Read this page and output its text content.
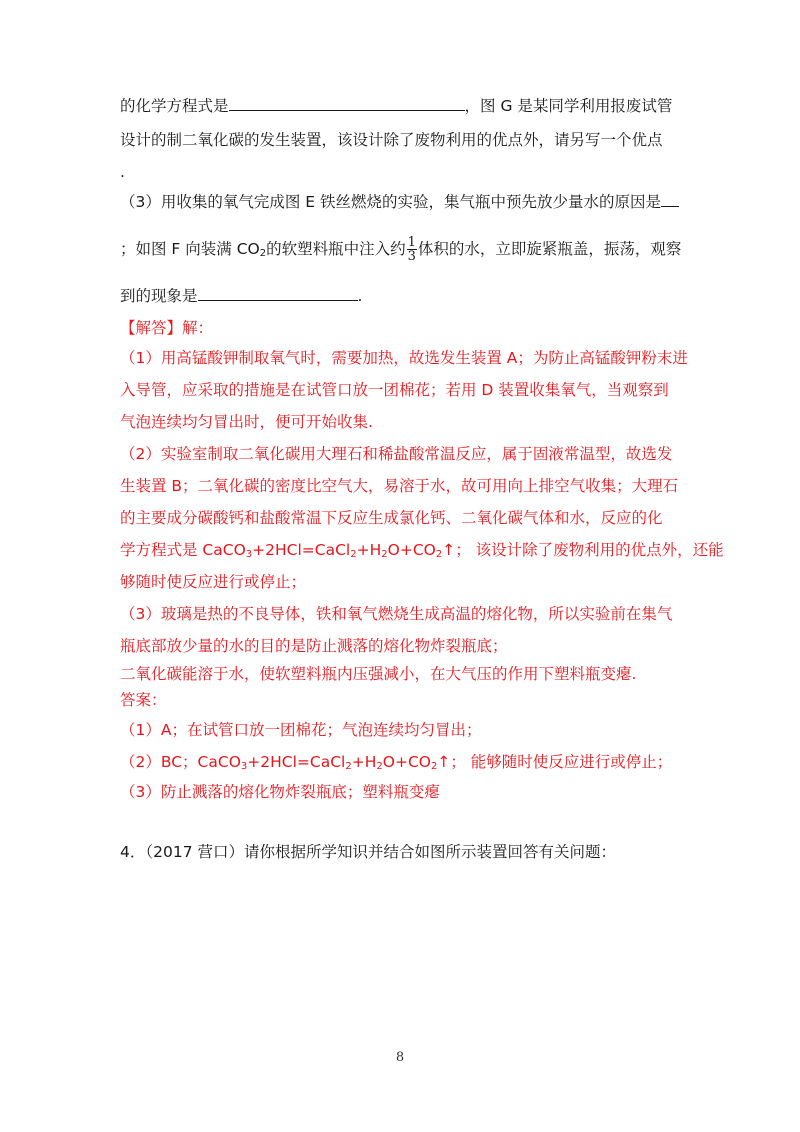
的化学方程式是	，图 G 是某同学利用报废试管
设计的制二氧化碳的发生装置，该设计除了废物利用的优点外，请另写一个优点
.
（3）用收集的氧气完成图 E 铁丝燃烧的实验，集气瓶中预先放少量水的原因是
；如图 F 向装满 $CO_2$的软塑料瓶中注入约 $\frac{1}{3}$ 体积的水，立即旋紧瓶盖，振荡，观察
到的现象是	.
【解答】解：
（1）用高锰酸钾制取氧气时，需要加热，故选发生装置 A；为防止高锰酸钾粉末进
入导管，应采取的措施是在试管口放一团棉花；若用 D 装置收集氧气，当观察到
气泡连续均匀冒出时，便可开始收集.
（2）实验室制取二氧化碳用大理石和稀盐酸常温反应，属于固液常温型，故选发
生装置 B；二氧化碳的密度比空气大，易溶于水，故可用向上排空气收集；大理石
的主要成分碳酸钙和盐酸常温下反应生成氯化钙、二氧化碳气体和水，反应的化
学方程式是 $CaCO_3+2HCl=CaCl_2+H_2O+CO_2↑$； 该设计除了废物利用的优点外，还能
够随时使反应进行或停止；
（3）玻璃是热的不良导体，铁和氧气燃烧生成高温的熔化物，所以实验前在集气
瓶底部放少量的水的目的是防止溅落的熔化物炸裂瓶底；
二氧化碳能溶于水，使软塑料瓶内压强减小，在大气压的作用下塑料瓶变瘪.
答案：
（1）A；在试管口放一团棉花；气泡连续均匀冒出；
（2）BC；$CaCO_3+2HCl=CaCl_2+H_2O+CO_2↑$； 能够随时使反应进行或停止；
（3）防止溅落的熔化物炸裂瓶底；塑料瓶变瘪
4．（2017 营口）请你根据所学知识并结合如图所示装置回答有关问题：
8
